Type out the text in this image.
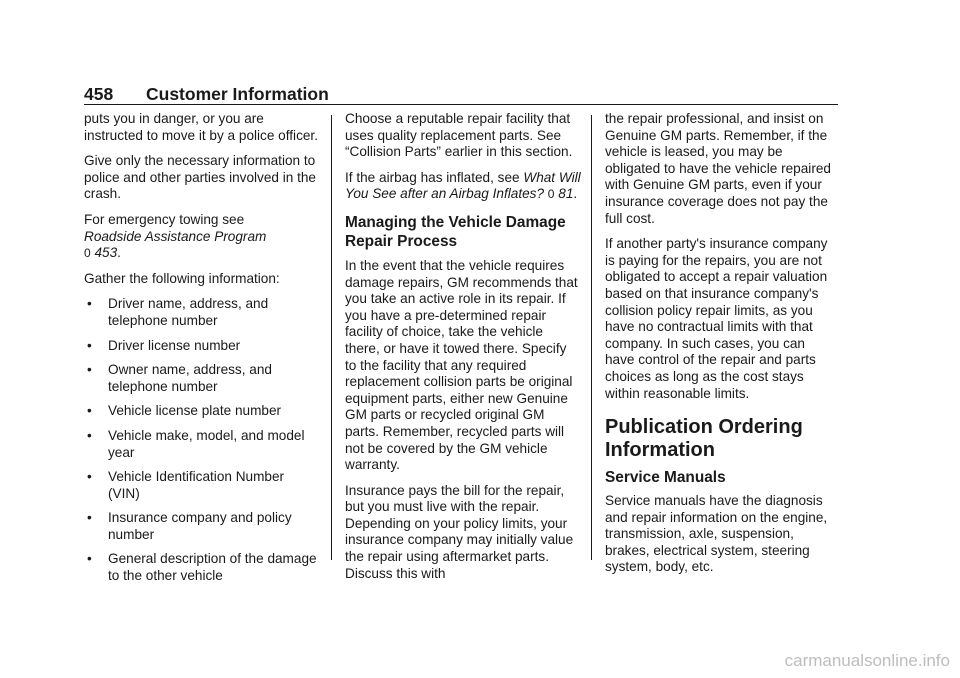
458 Customer Information

puts you in danger, or you are instructed to move it by a police officer.

Give only the necessary information to police and other parties involved in the crash.

For emergency towing see
Roadside Assistance Program
0 453.

Gather the following information:

• Driver name, address, and telephone number
• Driver license number
• Owner name, address, and telephone number
• Vehicle license plate number
• Vehicle make, model, and model year
• Vehicle Identification Number (VIN)
• Insurance company and policy number
• General description of the damage to the other vehicle

Choose a reputable repair facility that uses quality replacement parts. See “Collision Parts” earlier in this section.

If the airbag has inflated, see What Will You See after an Airbag Inflates? 0 81.

Managing the Vehicle Damage Repair Process

In the event that the vehicle requires damage repairs, GM recommends that you take an active role in its repair. If you have a pre-determined repair facility of choice, take the vehicle there, or have it towed there. Specify to the facility that any required replacement collision parts be original equipment parts, either new Genuine GM parts or recycled original GM parts. Remember, recycled parts will not be covered by the GM vehicle warranty.

Insurance pays the bill for the repair, but you must live with the repair. Depending on your policy limits, your insurance company may initially value the repair using aftermarket parts. Discuss this with

the repair professional, and insist on Genuine GM parts. Remember, if the vehicle is leased, you may be obligated to have the vehicle repaired with Genuine GM parts, even if your insurance coverage does not pay the full cost.

If another party's insurance company is paying for the repairs, you are not obligated to accept a repair valuation based on that insurance company's collision policy repair limits, as you have no contractual limits with that company. In such cases, you can have control of the repair and parts choices as long as the cost stays within reasonable limits.

Publication Ordering Information
Service Manuals

Service manuals have the diagnosis and repair information on the engine, transmission, axle, suspension, brakes, electrical system, steering system, body, etc.

carmanualsonline.info
